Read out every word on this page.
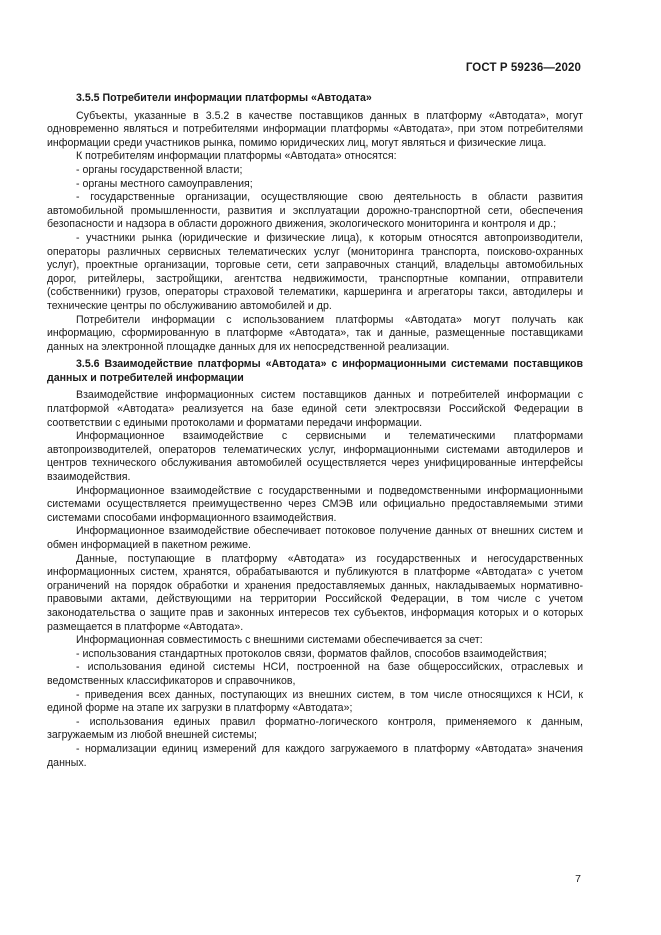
ГОСТ Р 59236—2020

3.5.5 Потребители информации платформы «Автодата»

Субъекты, указанные в 3.5.2 в качестве поставщиков данных в платформу «Автодата», могут одновременно являться и потребителями информации платформы «Автодата», при этом потребителями информации среди участников рынка, помимо юридических лиц, могут являться и физические лица.

К потребителям информации платформы «Автодата» относятся:

- органы государственной власти;

- органы местного самоуправления;

- государственные организации, осуществляющие свою деятельность в области развития автомобильной промышленности, развития и эксплуатации дорожно-транспортной сети, обеспечения безопасности и надзора в области дорожного движения, экологического мониторинга и контроля и др.;

- участники рынка (юридические и физические лица), к которым относятся автопроизводители, операторы различных сервисных телематических услуг (мониторинга транспорта, поисково-охранных услуг), проектные организации, торговые сети, сети заправочных станций, владельцы автомобильных дорог, ритейлеры, застройщики, агентства недвижимости, транспортные компании, отправители (собственники) грузов, операторы страховой телематики, каршеринга и агрегаторы такси, автодилеры и технические центры по обслуживанию автомобилей и др.

Потребители информации с использованием платформы «Автодата» могут получать как информацию, сформированную в платформе «Автодата», так и данные, размещенные поставщиками данных на электронной площадке данных для их непосредственной реализации.

3.5.6 Взаимодействие платформы «Автодата» с информационными системами поставщиков данных и потребителей информации

Взаимодействие информационных систем поставщиков данных и потребителей информации с платформой «Автодата» реализуется на базе единой сети электросвязи Российской Федерации в соответствии с едиными протоколами и форматами передачи информации.

Информационное взаимодействие с сервисными и телематическими платформами автопроизводителей, операторов телематических услуг, информационными системами автодилеров и центров технического обслуживания автомобилей осуществляется через унифицированные интерфейсы взаимодействия.

Информационное взаимодействие с государственными и подведомственными информационными системами осуществляется преимущественно через СМЭВ или официально предоставляемыми этими системами способами информационного взаимодействия.

Информационное взаимодействие обеспечивает потоковое получение данных от внешних систем и обмен информацией в пакетном режиме.

Данные, поступающие в платформу «Автодата» из государственных и негосударственных информационных систем, хранятся, обрабатываются и публикуются в платформе «Автодата» с учетом ограничений на порядок обработки и хранения предоставляемых данных, накладываемых нормативно-правовыми актами, действующими на территории Российской Федерации, в том числе с учетом законодательства о защите прав и законных интересов тех субъектов, информация которых и о которых размещается в платформе «Автодата».

Информационная совместимость с внешними системами обеспечивается за счет:

- использования стандартных протоколов связи, форматов файлов, способов взаимодействия;

- использования единой системы НСИ, построенной на базе общероссийских, отраслевых и ведомственных классификаторов и справочников,

- приведения всех данных, поступающих из внешних систем, в том числе относящихся к НСИ, к единой форме на этапе их загрузки в платформу «Автодата»;

- использования единых правил форматно-логического контроля, применяемого к данным, загружаемым из любой внешней системы;

- нормализации единиц измерений для каждого загружаемого в платформу «Автодата» значения данных.

7
